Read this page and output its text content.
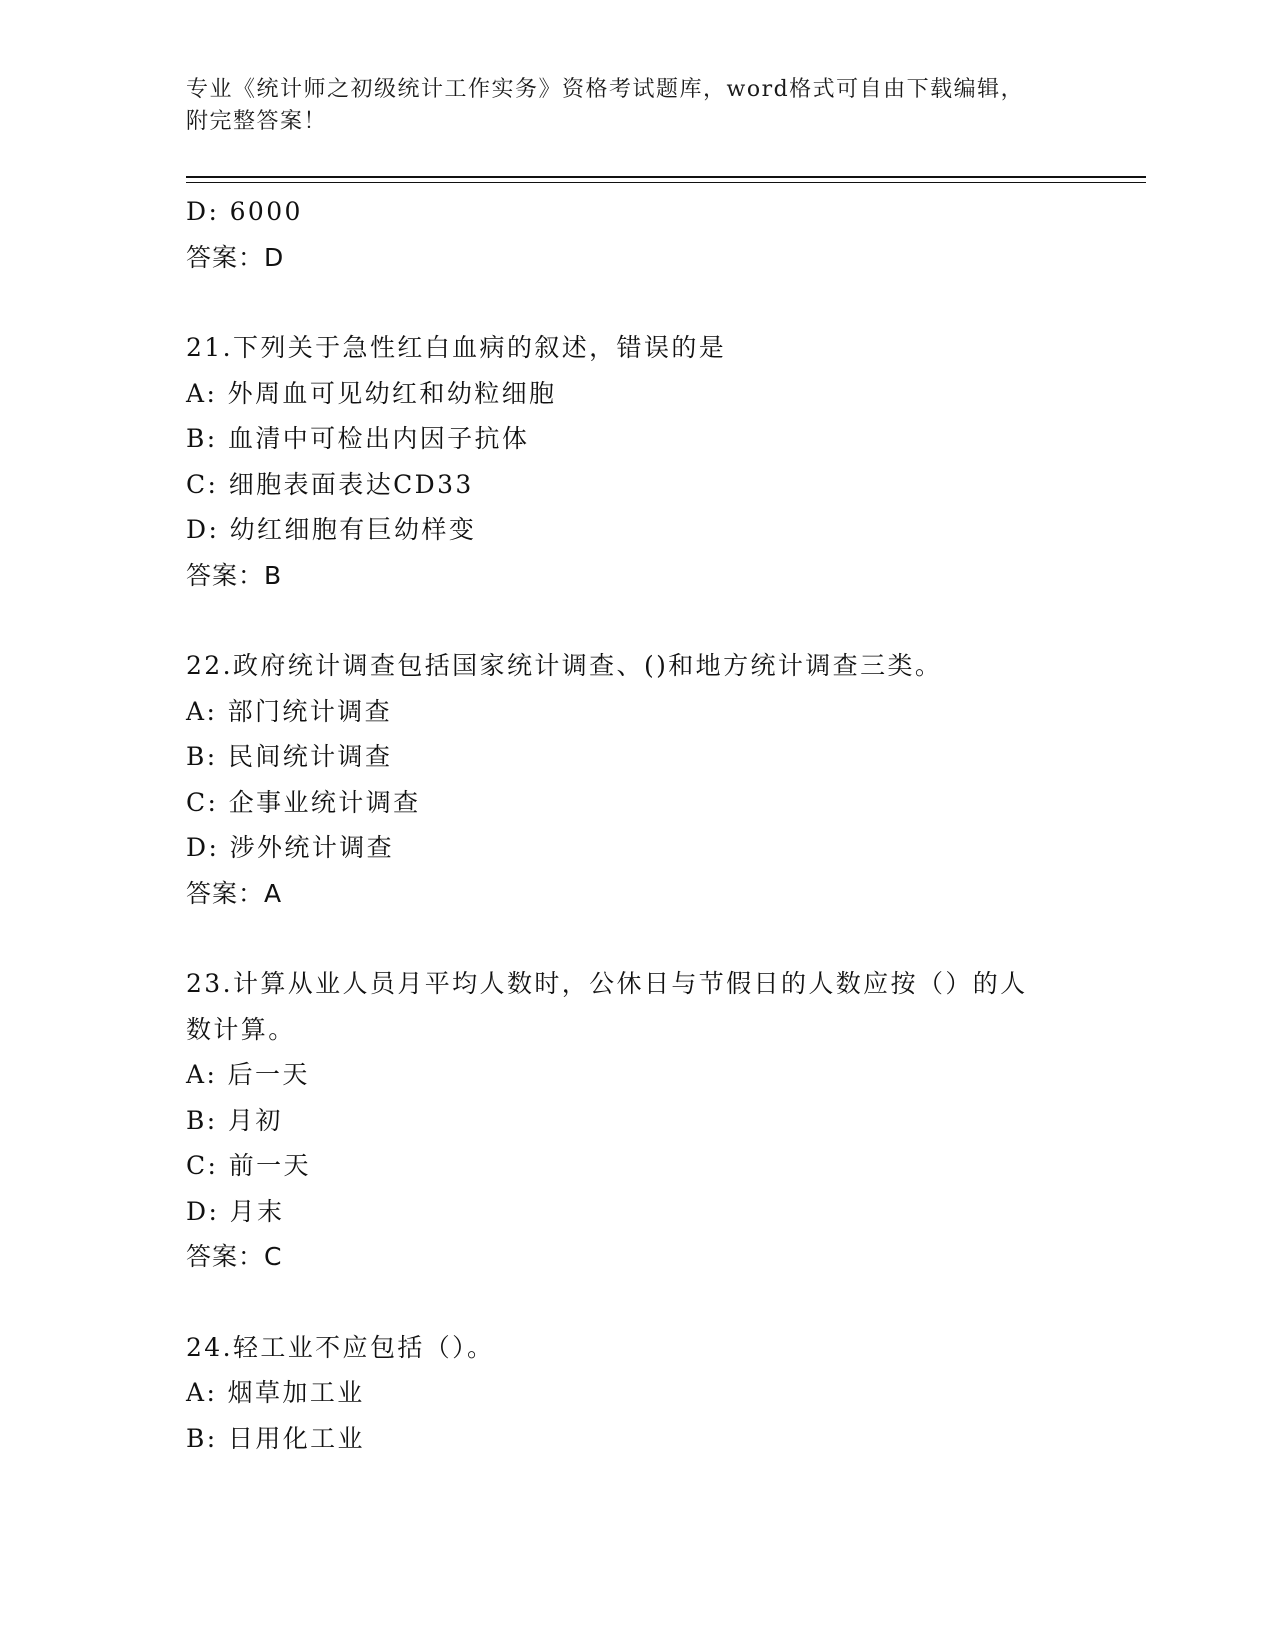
专业《统计师之初级统计工作实务》资格考试题库，word格式可自由下载编辑，
附完整答案！
D: 6000
答案：D
21.下列关于急性红白血病的叙述，错误的是
A: 外周血可见幼红和幼粒细胞
B: 血清中可检出内因子抗体
C: 细胞表面表达CD33
D: 幼红细胞有巨幼样变
答案：B
22.政府统计调查包括国家统计调查、()和地方统计调查三类。
A: 部门统计调查
B: 民间统计调查
C: 企事业统计调查
D: 涉外统计调查
答案：A
23.计算从业人员月平均人数时，公休日与节假日的人数应按（）的人
数计算。
A: 后一天
B: 月初
C: 前一天
D: 月末
答案：C
24.轻工业不应包括（）。
A: 烟草加工业
B: 日用化工业
